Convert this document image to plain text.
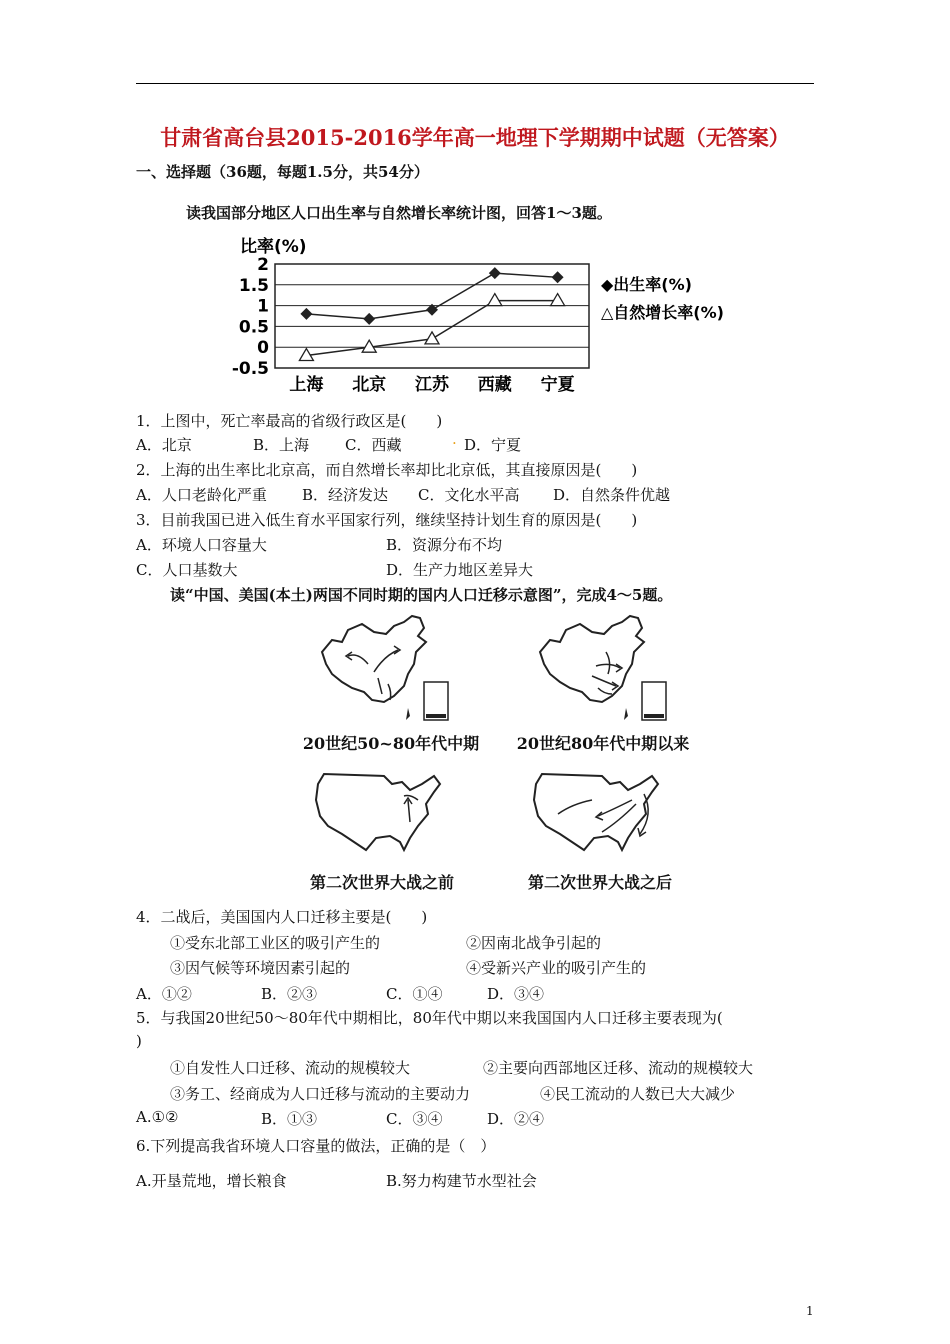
甘肃省高台县2015-2016学年高一地理下学期期中试题（无答案）
一、选择题（36题，每题1.5分，共54分）
读我国部分地区人口出生率与自然增长率统计图，回答1～3题。
比率(%)
2
1.5
1
0.5
0
-0.5
上海 北京 江苏 西藏 宁夏
◆出生率(%)
△自然增长率(%)
1．上图中，死亡率最高的省级行政区是(　　)
A．北京	B．上海 C．西藏	. D．宁夏
2．上海的出生率比北京高，而自然增长率却比北京低，其直接原因是(　　)
A．人口老龄化严重 B．经济发达 C．文化水平高 D．自然条件优越
3．目前我国已进入低生育水平国家行列，继续坚持计划生育的原因是(　　)
A．环境人口容量大	B．资源分布不均
C．人口基数大	D．生产力地区差异大
读“中国、美国(本土)两国不同时期的国内人口迁移示意图”，完成4～5题。
20世纪50~80年代中期	20世纪80年代中期以来
第二次世界大战之前	第二次世界大战之后
4．二战后，美国国内人口迁移主要是(　　)
①受东北部工业区的吸引产生的	②因南北战争引起的
③因气候等环境因素引起的	④受新兴产业的吸引产生的
A．①②	B．②③	C．①④	D．③④
5．与我国20世纪50～80年代中期相比，80年代中期以来我国国内人口迁移主要表现为(
)
①自发性人口迁移、流动的规模较大	②主要向西部地区迁移、流动的规模较大
③务工、经商成为人口迁移与流动的主要动力	④民工流动的人数已大大减少
A.①②	B．①③	C．③④	D．②④
6.下列提高我省环境人口容量的做法，正确的是（　）
A.开垦荒地，增长粮食	B.努力构建节水型社会
1
